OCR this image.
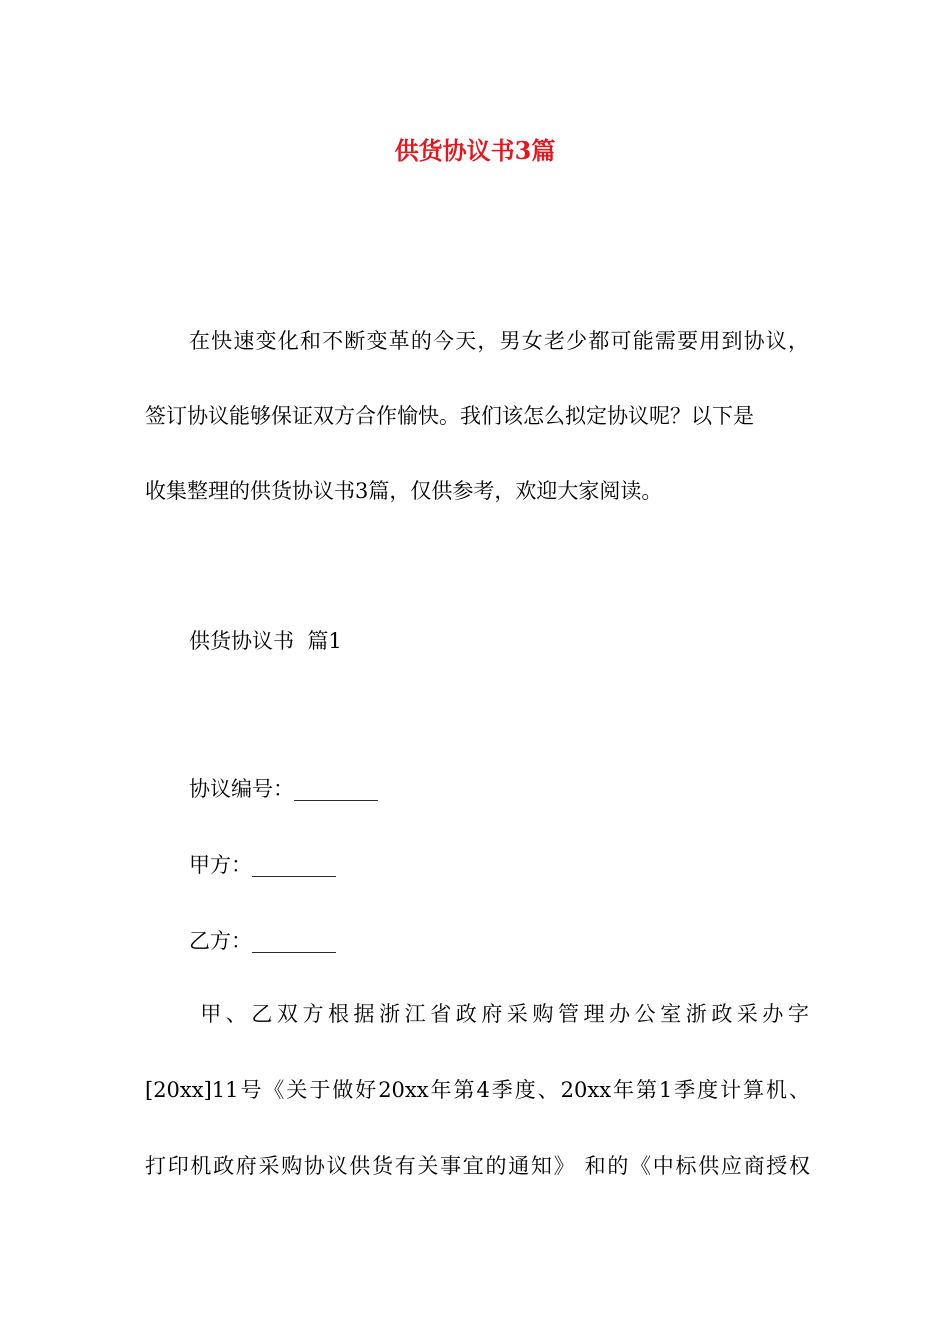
供货协议书3篇
在快速变化和不断变革的今天，男女老少都可能需要用到协议，
签订协议能够保证双方合作愉快。我们该怎么拟定协议呢？以下是
收集整理的供货协议书3篇，仅供参考，欢迎大家阅读。
供货协议书  篇1
协议编号：________
甲方：________
乙方：________
甲、乙双方根据浙江省政府采购管理办公室浙政采办字
[20xx]11号《关于做好20xx年第4季度、20xx年第1季度计算机、
打印机政府采购协议供货有关事宜的通知》 和的《中标供应商授权
